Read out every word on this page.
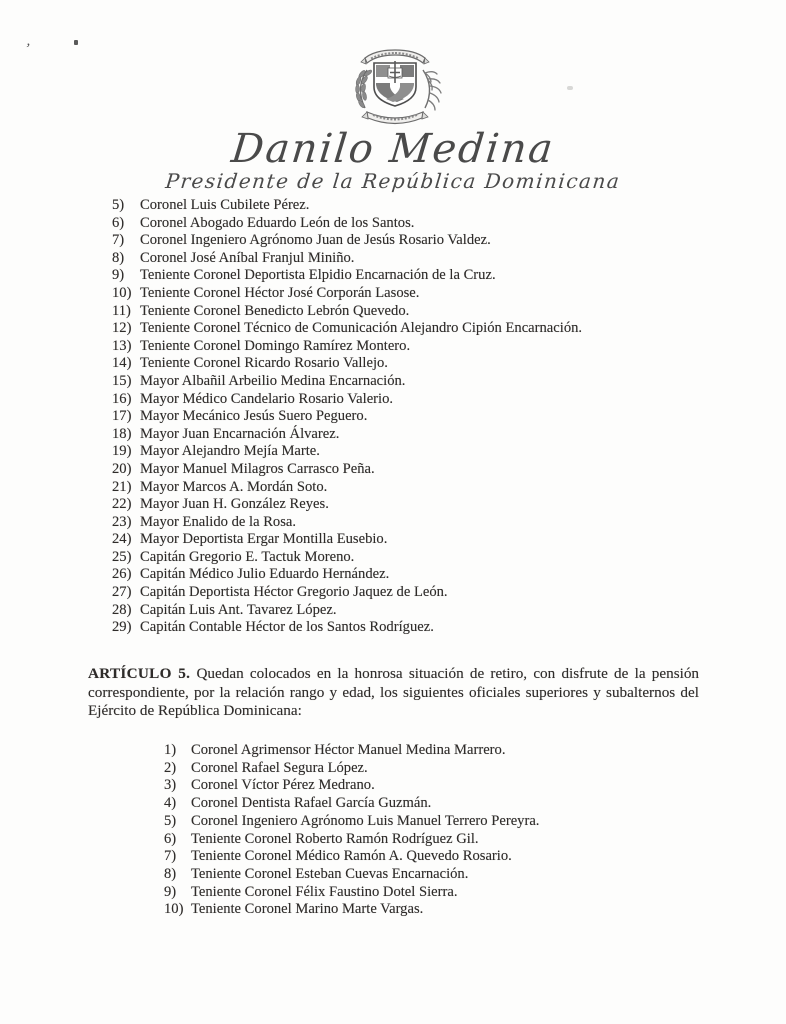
,
Danilo Medina
Presidente de la República Dominicana
5)	Coronel Luis Cubilete Pérez.
6)	Coronel Abogado Eduardo León de los Santos.
7)	Coronel Ingeniero Agrónomo Juan de Jesús Rosario Valdez.
8)	Coronel José Aníbal Franjul Miniño.
9)	Teniente Coronel Deportista Elpidio Encarnación de la Cruz.
10) Teniente Coronel Héctor José Corporán Lasose.
11) Teniente Coronel Benedicto Lebrón Quevedo.
12) Teniente Coronel Técnico de Comunicación Alejandro Cipión Encarnación.
13) Teniente Coronel Domingo Ramírez Montero.
14) Teniente Coronel Ricardo Rosario Vallejo.
15) Mayor Albañil Arbeilio Medina Encarnación.
16) Mayor Médico Candelario Rosario Valerio.
17) Mayor Mecánico Jesús Suero Peguero.
18) Mayor Juan Encarnación Álvarez.
19) Mayor Alejandro Mejía Marte.
20) Mayor Manuel Milagros Carrasco Peña.
21) Mayor Marcos A. Mordán Soto.
22) Mayor Juan H. González Reyes.
23) Mayor Enalido de la Rosa.
24) Mayor Deportista Ergar Montilla Eusebio.
25) Capitán Gregorio E. Tactuk Moreno.
26) Capitán Médico Julio Eduardo Hernández.
27) Capitán Deportista Héctor Gregorio Jaquez de León.
28) Capitán Luis Ant. Tavarez López.
29) Capitán Contable Héctor de los Santos Rodríguez.
ARTÍCULO 5. Quedan colocados en la honrosa situación de retiro, con disfrute de la pensión
correspondiente, por la relación rango y edad, los siguientes oficiales superiores y subalternos del
Ejército de República Dominicana:
1)	Coronel Agrimensor Héctor Manuel Medina Marrero.
2)	Coronel Rafael Segura López.
3)	Coronel Víctor Pérez Medrano.
4)	Coronel Dentista Rafael García Guzmán.
5)	Coronel Ingeniero Agrónomo Luis Manuel Terrero Pereyra.
6)	Teniente Coronel Roberto Ramón Rodríguez Gil.
7)	Teniente Coronel Médico Ramón A. Quevedo Rosario.
8)	Teniente Coronel Esteban Cuevas Encarnación.
9)	Teniente Coronel Félix Faustino Dotel Sierra.
10) Teniente Coronel Marino Marte Vargas.
